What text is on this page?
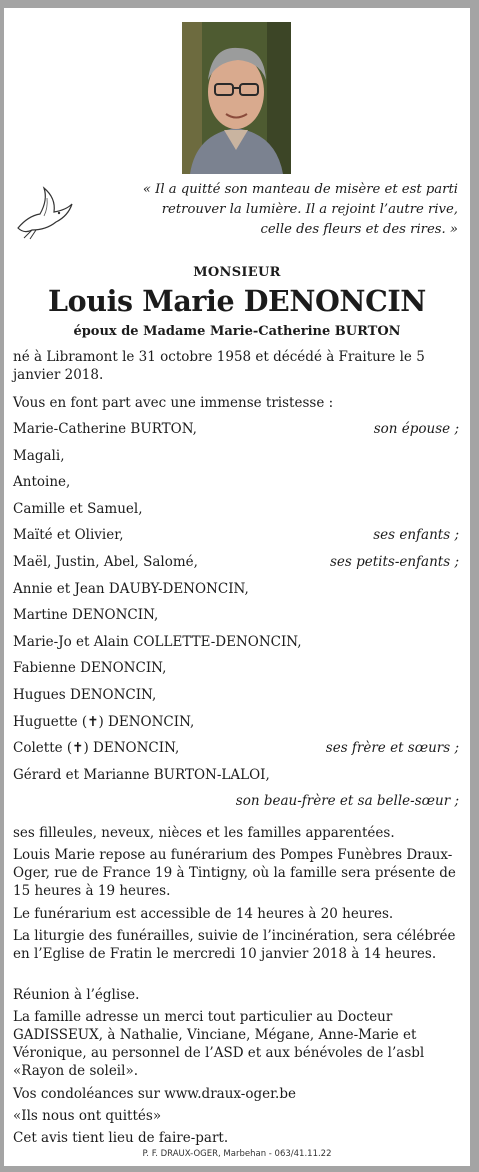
« Il a quitté son manteau de misère et est parti retrouver la lumière. Il a rejoint l’autre rive, celle des fleurs et des rires. »
MONSIEUR
Louis Marie DENONCIN
époux de Madame Marie-Catherine BURTON
né à Libramont le 31 octobre 1958 et décédé à Fraiture le 5 janvier 2018.
Vous en font part avec une immense tristesse :
Marie-Catherine BURTON,	son épouse ;
Magali,
Antoine,
Camille et Samuel,
Maïté et Olivier,	ses enfants ;
Maël, Justin, Abel, Salomé,	ses petits-enfants ;
Annie et Jean DAUBY-DENONCIN,
Martine DENONCIN,
Marie-Jo et Alain COLLETTE-DENONCIN,
Fabienne DENONCIN,
Hugues DENONCIN,
Huguette (✝) DENONCIN,
Colette (✝) DENONCIN,	ses frère et sœurs ;
Gérard et Marianne BURTON-LALOI,
son beau-frère et sa belle-sœur ;
ses filleules, neveux, nièces et les familles apparentées.
Louis Marie repose au funérarium des Pompes Funèbres Draux-Oger, rue de France 19 à Tintigny, où la famille sera présente de 15 heures à 19 heures.
Le funérarium est accessible de 14 heures à 20 heures.
La liturgie des funérailles, suivie de l’incinération, sera célébrée en l’Eglise de Fratin le mercredi 10 janvier 2018 à 14 heures.
Réunion à l’église.
La famille adresse un merci tout particulier au Docteur GADISSEUX, à Nathalie, Vinciane, Mégane, Anne-Marie et Véronique, au personnel de l’ASD et aux bénévoles de l’asbl «Rayon de soleil».
Vos condoléances sur www.draux-oger.be
«Ils nous ont quittés»
Cet avis tient lieu de faire-part.
P. F. DRAUX-OGER, Marbehan - 063/41.11.22
